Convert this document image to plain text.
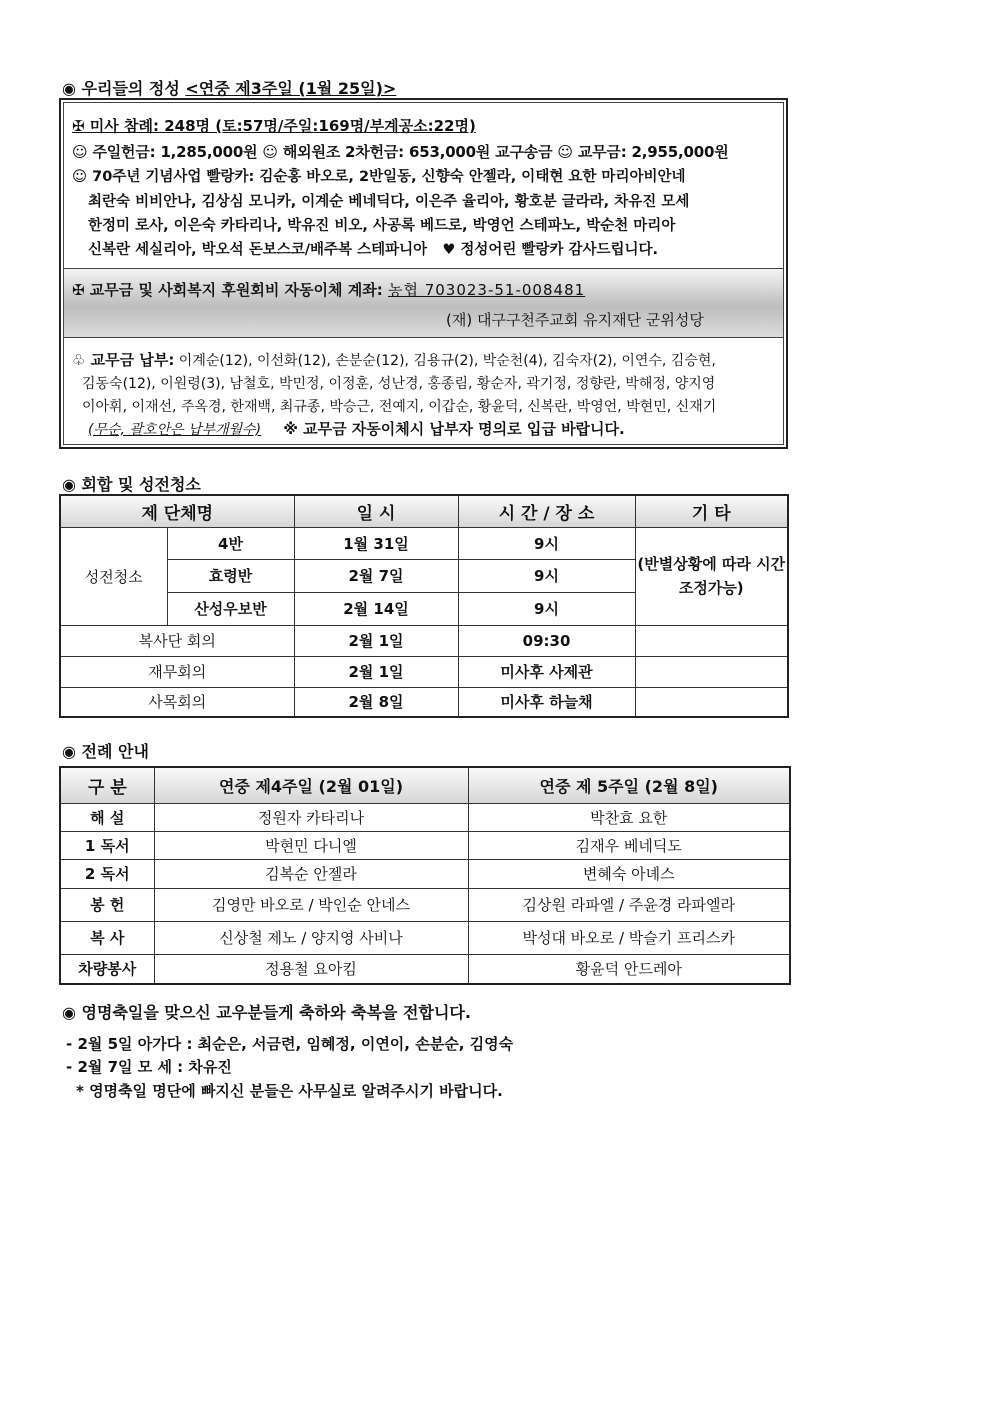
◉ 우리들의 정성 <연중 제3주일 (1월 25일)>
✠ 미사 참례: 248명 (토:57명/주일:169명/부계공소:22명)
☺ 주일헌금: 1,285,000원 ☺ 해외원조 2차헌금: 653,000원 교구송금 ☺ 교무금: 2,955,000원
☺ 70주년 기념사업 빨랑카: 김순홍 바오로, 2반일동, 신향숙 안젤라, 이태현 요한 마리아비안네
최란숙 비비안나, 김상심 모니카, 이계순 베네딕다, 이은주 율리아, 황호분 글라라, 차유진 모세
한정미 로사, 이은숙 카타리나, 박유진 비오, 사공록 베드로, 박영언 스테파노, 박순천 마리아
신복란 세실리아, 박오석 돈보스코/배주복 스테파니아 ♥ 정성어린 빨랑카 감사드립니다.
✠ 교무금 및 사회복지 후원회비 자동이체 계좌: 농협 703023-51-008481
(재) 대구구천주교회 유지재단 군위성당
♧ 교무금 납부: 이계순(12), 이선화(12), 손분순(12), 김용규(2), 박순천(4), 김숙자(2), 이연수, 김승현,
김동숙(12), 이원령(3), 남철호, 박민정, 이정훈, 성난경, 홍종림, 황순자, 곽기정, 정향란, 박해정, 양지영
이아휘, 이재선, 주옥경, 한재백, 최규종, 박승근, 전예지, 이갑순, 황윤덕, 신복란, 박영언, 박현민, 신재기
(무순, 괄호안은 납부개월수) ※ 교무금 자동이체시 납부자 명의로 입급 바랍니다.
◉ 회합 및 성전청소
제 단체명		일 시	시 간 / 장 소	기 타
성전청소	4반	1월 31일	9시	(반별상황에 따라 시간조정가능)
	효령반	2월 7일	9시	
	산성우보반	2월 14일	9시	
복사단 회의		2월 1일	09:30	
재무회의		2월 1일	미사후 사제관	
사목회의		2월 8일	미사후 하늘채	
◉ 전례 안내
구 분	연중 제4주일 (2월 01일)	연중 제 5주일 (2월 8일)
해 설	정원자 카타리나	박찬효 요한
1 독서	박현민 다니엘	김재우 베네딕도
2 독서	김복순 안젤라	변혜숙 아녜스
봉 헌	김영만 바오로 / 박인순 안네스	김상원 라파엘 / 주윤경 라파엘라
복 사	신상철 제노 / 양지영 사비나	박성대 바오로 / 박슬기 프리스카
차량봉사	정용철 요아킴	황윤덕 안드레아
◉ 영명축일을 맞으신 교우분들게 축하와 축복을 전합니다.
- 2월 5일 아가다 : 최순은, 서금련, 임혜정, 이연이, 손분순, 김영숙
- 2월 7일 모 세 : 차유진
* 영명축일 명단에 빠지신 분들은 사무실로 알려주시기 바랍니다.
